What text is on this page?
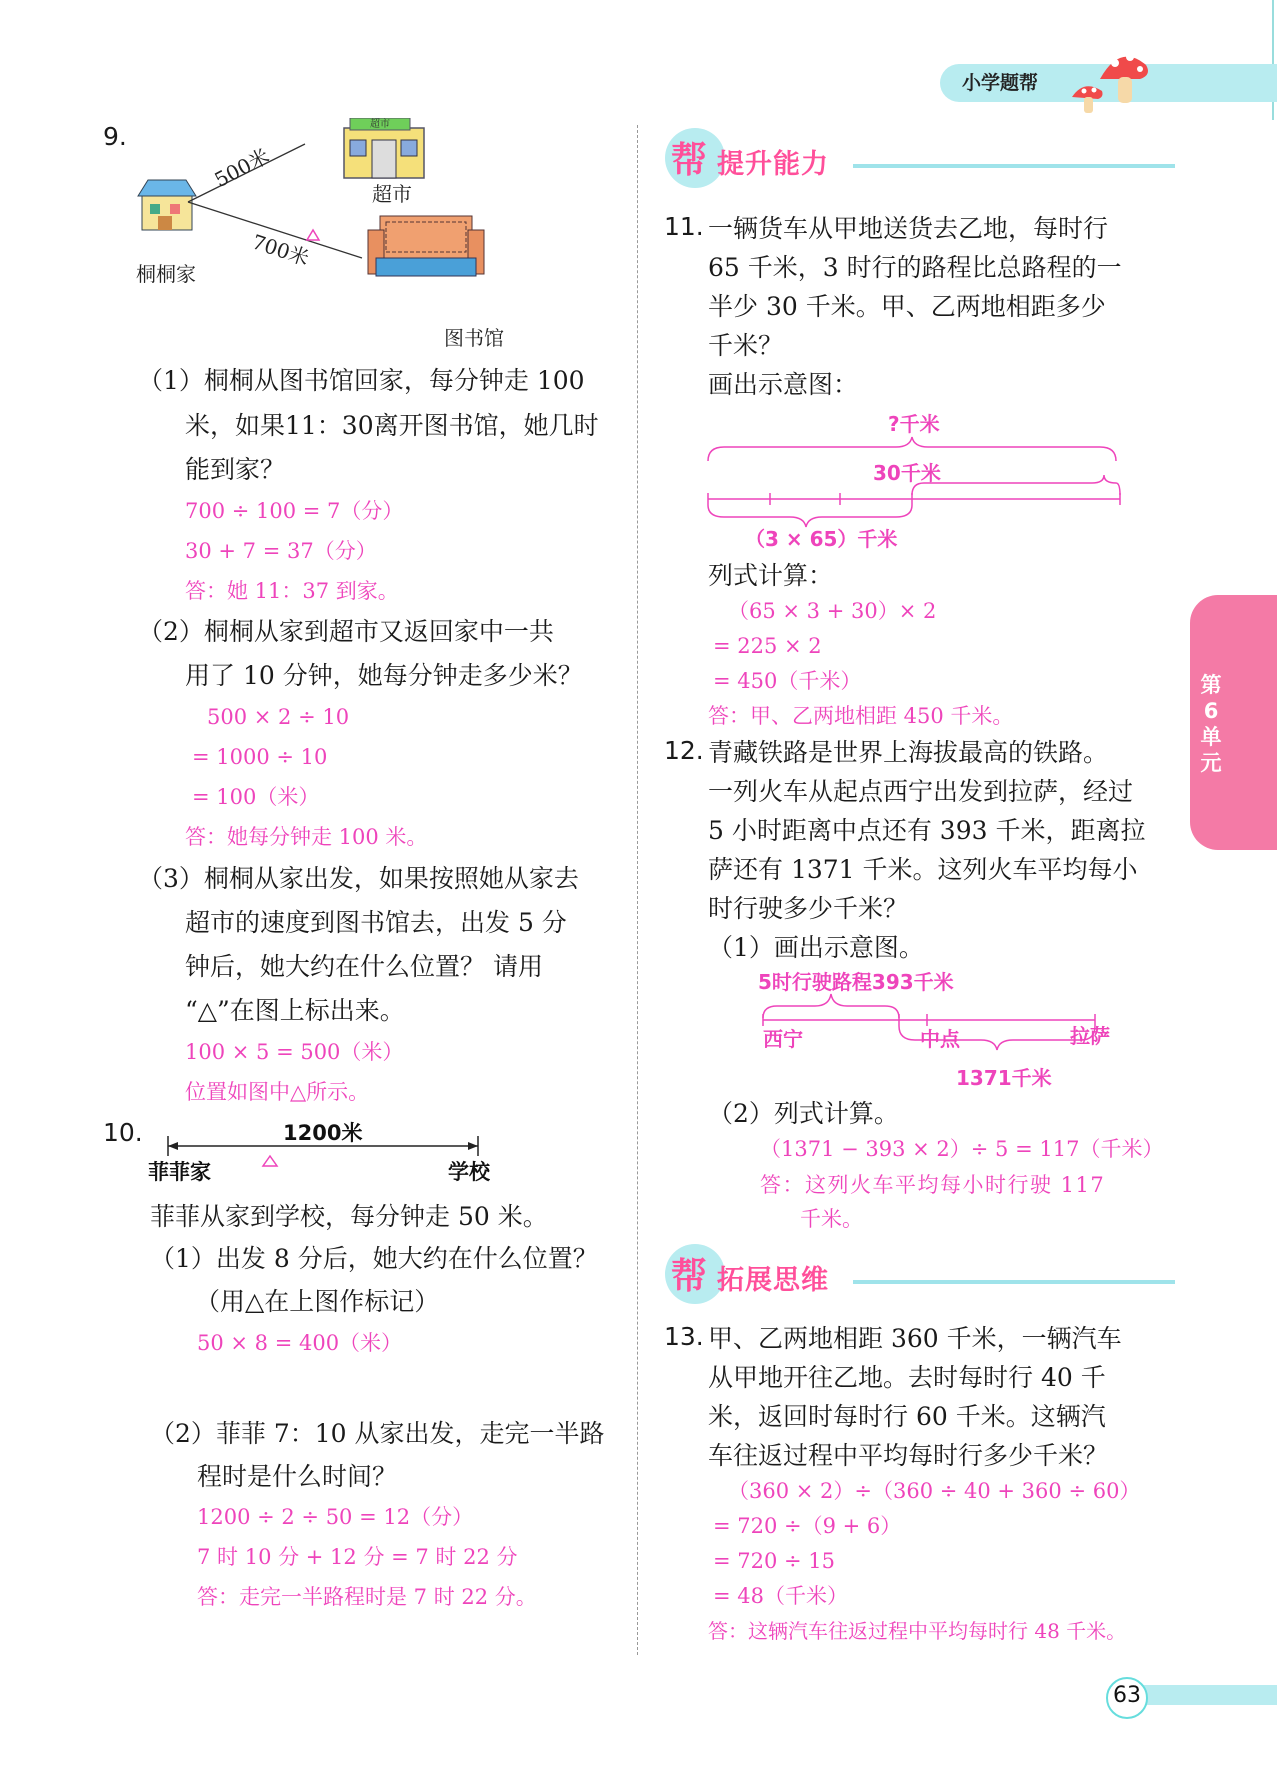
小学题帮
9.	超市
500米
700米
超市
桐桐家
图书馆
（1）桐桐从图书馆回家，每分钟走 100
米，如果11：30离开图书馆，她几时
能到家？
700 ÷ 100 = 7（分）
30 + 7 = 37（分）
答：她 11：37 到家。
（2）桐桐从家到超市又返回家中一共
用了 10 分钟，她每分钟走多少米？
500 × 2 ÷ 10
= 1000 ÷ 10
= 100（米）
答：她每分钟走 100 米。
（3）桐桐从家出发，如果按照她从家去
超市的速度到图书馆去，出发 5 分
钟后，她大约在什么位置？ 请用
“△”在图上标出来。
100 × 5 = 500（米）
位置如图中△所示。
10.	1200米
菲菲家	学校
菲菲从家到学校，每分钟走 50 米。
（1）出发 8 分后，她大约在什么位置？
（用△在上图作标记）
50 × 8 = 400（米）
（2）菲菲 7：10 从家出发，走完一半路
程时是什么时间？
1200 ÷ 2 ÷ 50 = 12（分）
7 时 10 分 + 12 分 = 7 时 22 分
答：走完一半路程时是 7 时 22 分。
帮 提升能力
11. 一辆货车从甲地送货去乙地，每时行
65 千米，3 时行的路程比总路程的一
半少 30 千米。甲、乙两地相距多少
千米？
画出示意图：
?千米
30千米
（3 × 65）千米
列式计算：
（65 × 3 + 30）× 2
= 225 × 2
= 450（千米）
答：甲、乙两地相距 450 千米。
12. 青藏铁路是世界上海拔最高的铁路。
一列火车从起点西宁出发到拉萨，经过
5 小时距离中点还有 393 千米，距离拉
萨还有 1371 千米。这列火车平均每小
时行驶多少千米？
（1）画出示意图。
5时行驶路程393千米
西宁	中点	拉萨
1371千米
（2）列式计算。
（1371 − 393 × 2）÷ 5 = 117（千米）
答：这列火车平均每小时行驶 117
千米。
帮 拓展思维
13. 甲、乙两地相距 360 千米，一辆汽车
从甲地开往乙地。去时每时行 40 千
米，返回时每时行 60 千米。这辆汽
车往返过程中平均每时行多少千米？
（360 × 2）÷（360 ÷ 40 + 360 ÷ 60）
= 720 ÷（9 + 6）
= 720 ÷ 15
= 48（千米）
答：这辆汽车往返过程中平均每时行 48 千米。
第6单元
63
